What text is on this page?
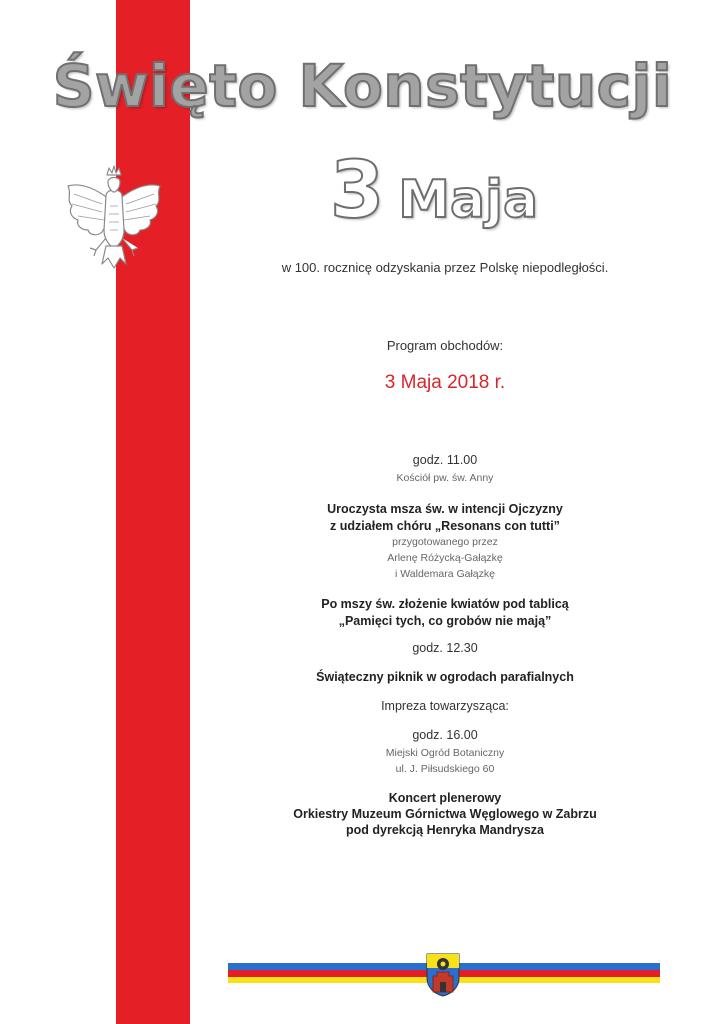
Święto Konstytucji
3 Maja
w 100. rocznicę odzyskania przez Polskę niepodległości.
Program obchodów:
3 Maja 2018 r.
godz. 11.00
Kościół pw. św. Anny
Uroczysta msza św. w intencji Ojczyzny
z udziałem chóru „Resonans con tutti”
przygotowanego przez
Arlenę Różycką-Gałązkę
i Waldemara Gałązkę
Po mszy św. złożenie kwiatów pod tablicą
„Pamięci tych, co grobów nie mają”
godz. 12.30
Świąteczny piknik w ogrodach parafialnych
Impreza towarzysząca:
godz. 16.00
Miejski Ogród Botaniczny
ul. J. Piłsudskiego 60
Koncert plenerowy
Orkiestry Muzeum Górnictwa Węglowego w Zabrzu
pod dyrekcją Henryka Mandrysza
